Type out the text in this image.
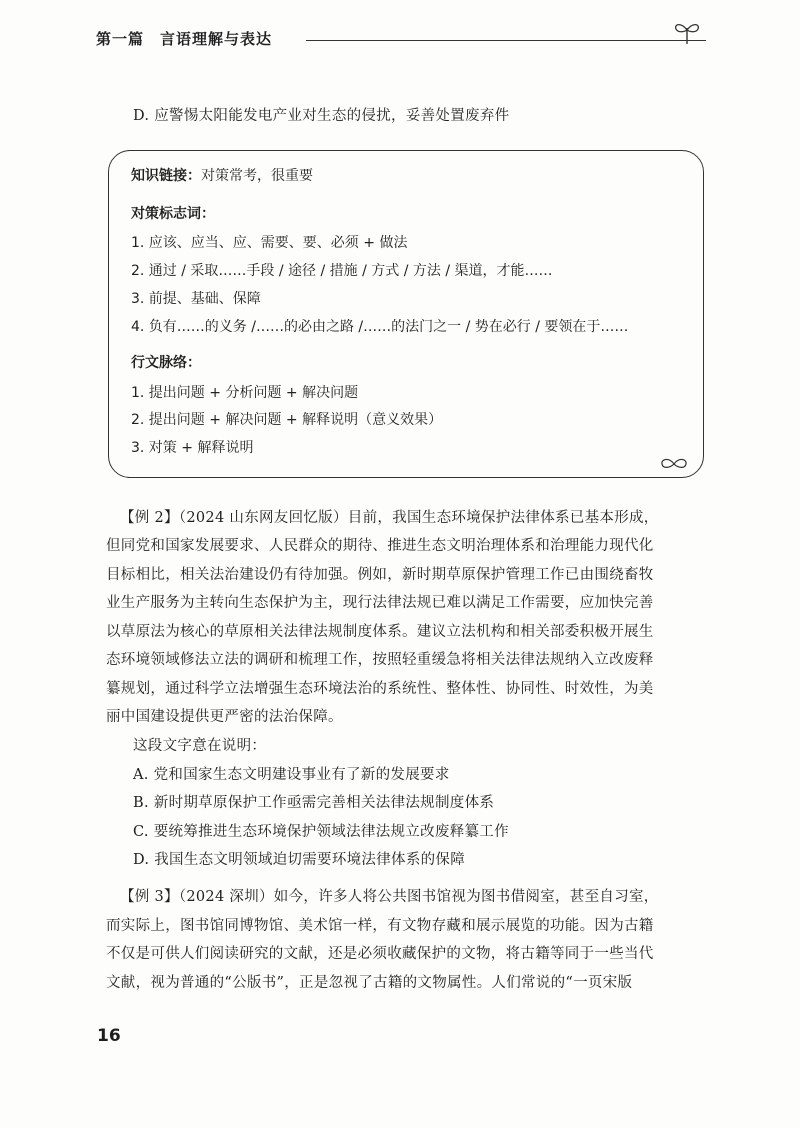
第一篇　言语理解与表达
D. 应警惕太阳能发电产业对生态的侵扰，妥善处置废弃件
知识链接：对策常考，很重要
对策标志词：
1. 应该、应当、应、需要、要、必须 + 做法
2. 通过 / 采取……手段 / 途径 / 措施 / 方式 / 方法 / 渠道，才能……
3. 前提、基础、保障
4. 负有……的义务 /……的必由之路 /……的法门之一 / 势在必行 / 要领在于……
行文脉络：
1. 提出问题 + 分析问题 + 解决问题
2. 提出问题 + 解决问题 + 解释说明（意义效果）
3. 对策 + 解释说明
【例 2】（2024 山东网友回忆版）目前，我国生态环境保护法律体系已基本形成，
但同党和国家发展要求、人民群众的期待、推进生态文明治理体系和治理能力现代化
目标相比，相关法治建设仍有待加强。例如，新时期草原保护管理工作已由围绕畜牧
业生产服务为主转向生态保护为主，现行法律法规已难以满足工作需要，应加快完善
以草原法为核心的草原相关法律法规制度体系。建议立法机构和相关部委积极开展生
态环境领域修法立法的调研和梳理工作，按照轻重缓急将相关法律法规纳入立改废释
纂规划，通过科学立法增强生态环境法治的系统性、整体性、协同性、时效性，为美
丽中国建设提供更严密的法治保障。
这段文字意在说明：
A. 党和国家生态文明建设事业有了新的发展要求
B. 新时期草原保护工作亟需完善相关法律法规制度体系
C. 要统筹推进生态环境保护领域法律法规立改废释纂工作
D. 我国生态文明领域迫切需要环境法律体系的保障
【例 3】（2024 深圳）如今，许多人将公共图书馆视为图书借阅室，甚至自习室，
而实际上，图书馆同博物馆、美术馆一样，有文物存藏和展示展览的功能。因为古籍
不仅是可供人们阅读研究的文献，还是必须收藏保护的文物，将古籍等同于一些当代
文献，视为普通的“公版书”，正是忽视了古籍的文物属性。人们常说的“一页宋版
16
